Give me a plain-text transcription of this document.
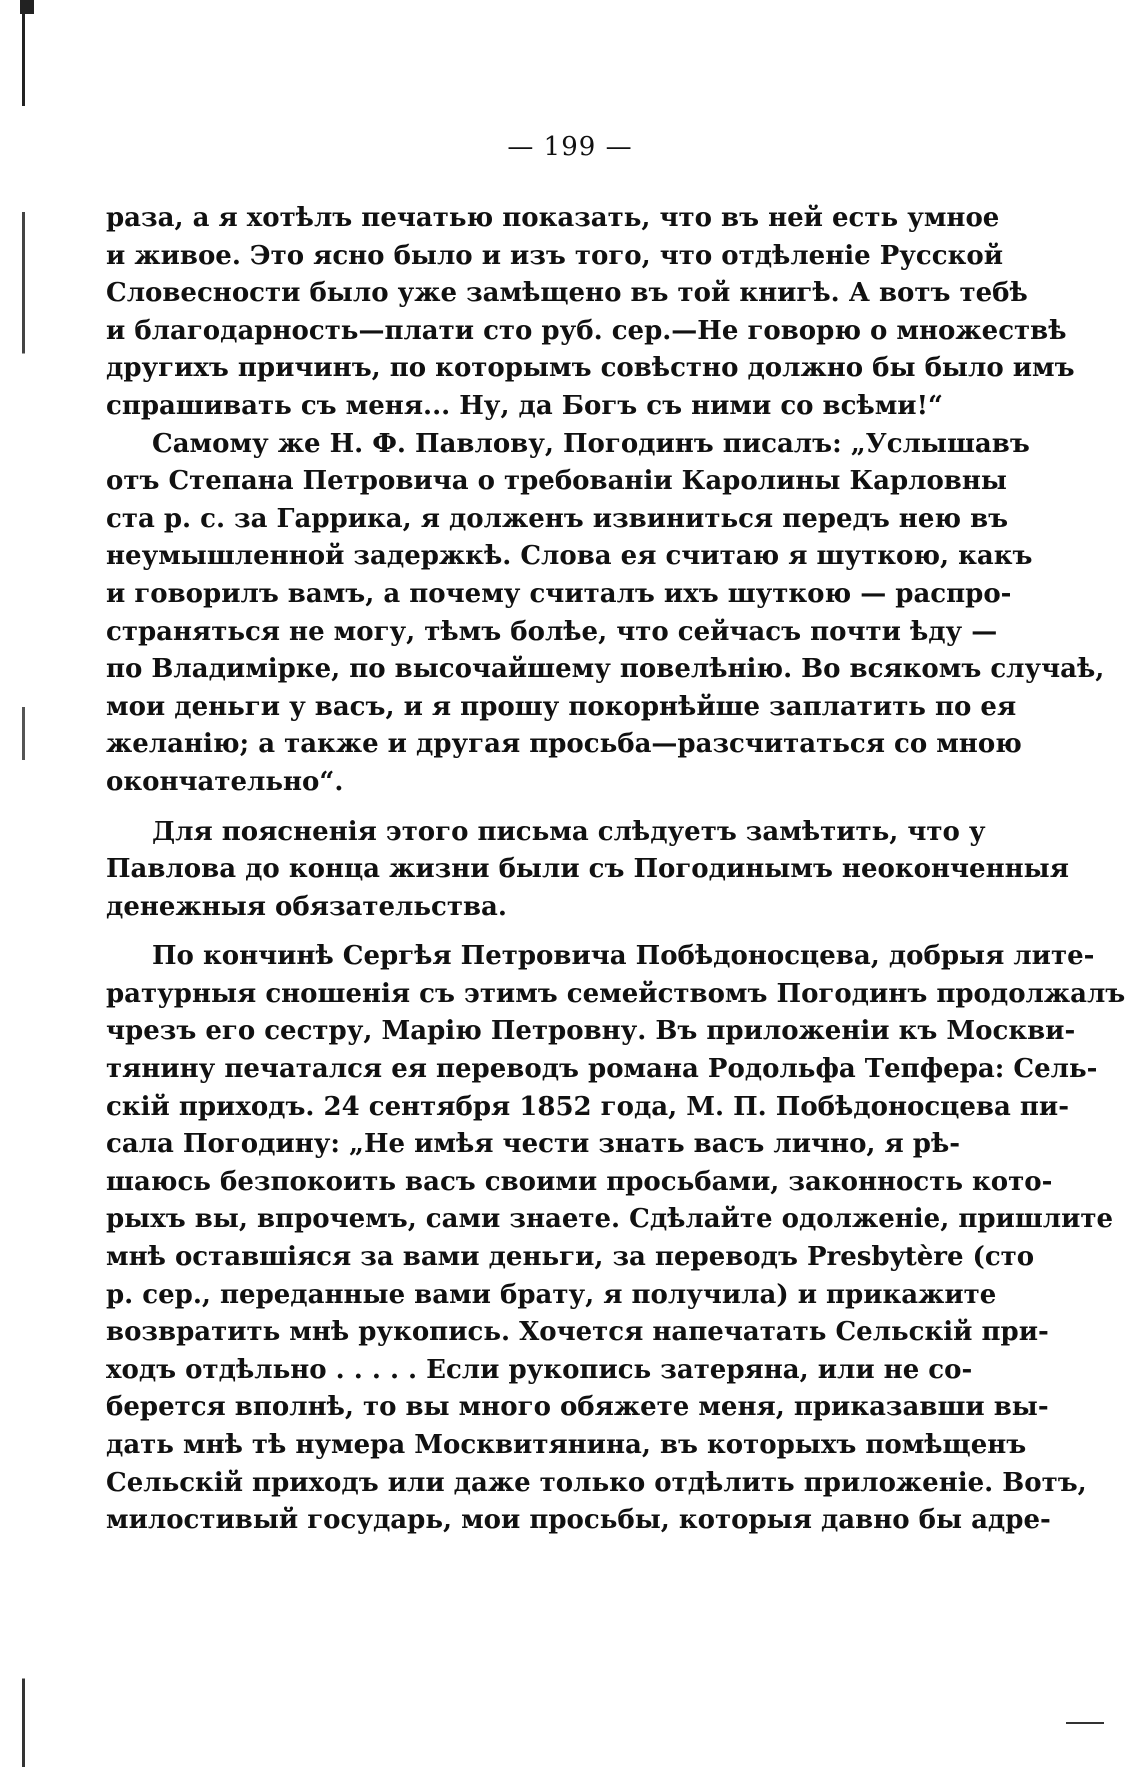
— 199 —
раза, а я хотѣлъ печатью показать, что въ ней есть умное
и живое. Это ясно было и изъ того, что отдѣленіе Русской
Словесности было уже замѣщено въ той книгѣ. А вотъ тебѣ
и благодарность—плати сто руб. сер.—Не говорю о множествѣ
другихъ причинъ, по которымъ совѣстно должно бы было имъ
спрашивать съ меня... Ну, да Богъ съ ними со всѣми!“
Самому же Н. Ф. Павлову, Погодинъ писалъ: „Услышавъ
отъ Степана Петровича о требованіи Каролины Карловны
ста р. с. за Гаррика, я долженъ извиниться передъ нею въ
неумышленной задержкѣ. Слова ея считаю я шуткою, какъ
и говорилъ вамъ, а почему считалъ ихъ шуткою — распро-
страняться не могу, тѣмъ болѣе, что сейчасъ почти ѣду —
по Владимірке, по высочайшему повелѣнію. Во всякомъ случаѣ,
мои деньги у васъ, и я прошу покорнѣйше заплатить по ея
желанію; а также и другая просьба—разсчитаться со мною
окончательно“.
Для поясненія этого письма слѣдуетъ замѣтить, что у
Павлова до конца жизни были съ Погодинымъ неоконченныя
денежныя обязательства.
По кончинѣ Сергѣя Петровича Побѣдоносцева, добрыя лите-
ратурныя сношенія съ этимъ семействомъ Погодинъ продолжалъ
чрезъ его сестру, Марію Петровну. Въ приложеніи къ Москви-
тянину печатался ея переводъ романа Родольфа Тепфера: Сель-
скій приходъ. 24 сентября 1852 года, М. П. Побѣдоносцева пи-
сала Погодину: „Не имѣя чести знать васъ лично, я рѣ-
шаюсь безпокоить васъ своими просьбами, законность кото-
рыхъ вы, впрочемъ, сами знаете. Сдѣлайте одолженіе, пришлите
мнѣ оставшіяся за вами деньги, за переводъ Presbytère (сто
р. сер., переданные вами брату, я получила) и прикажите
возвратить мнѣ рукопись. Хочется напечатать Сельскій при-
ходъ отдѣльно . . . . . Если рукопись затеряна, или не со-
берется вполнѣ, то вы много обяжете меня, приказавши вы-
дать мнѣ тѣ нумера Москвитянина, въ которыхъ помѣщенъ
Сельскій приходъ или даже только отдѣлить приложеніе. Вотъ,
милостивый государь, мои просьбы, которыя давно бы адре-
